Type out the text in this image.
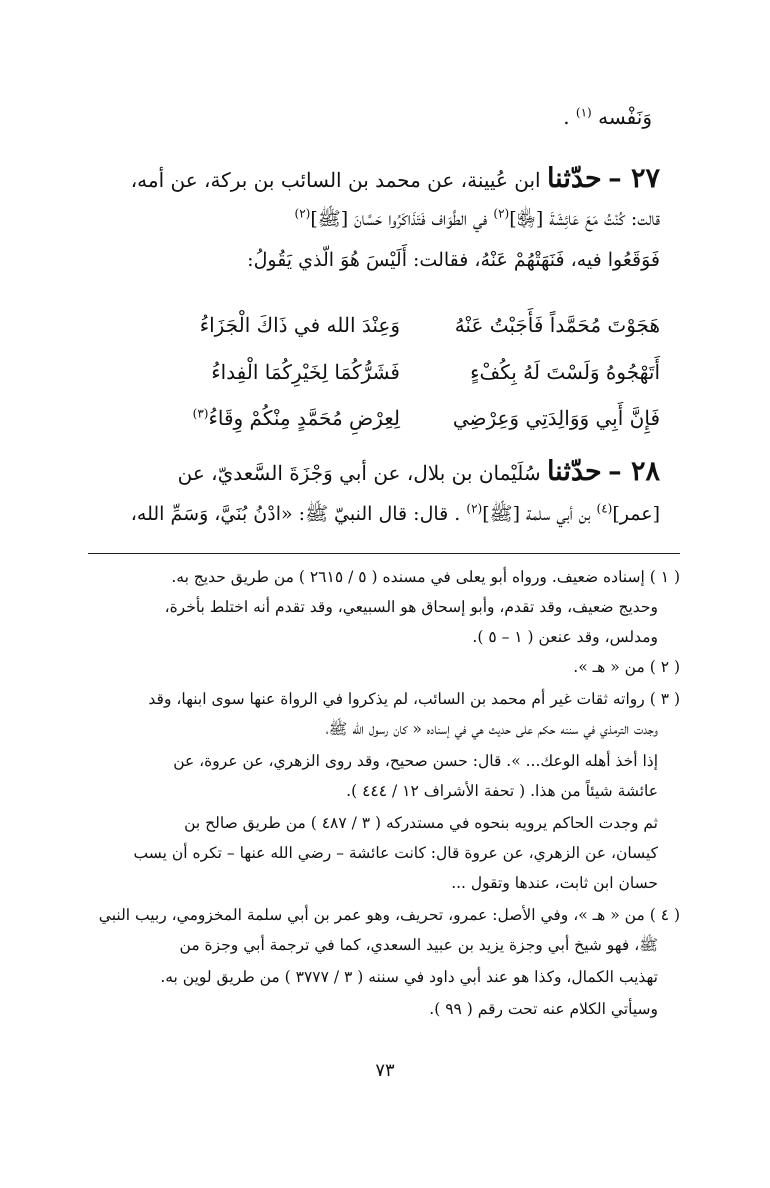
وَنَفْسه $^{(١)}$ .
٢٧ – حدّثنا ابن عُيينة، عن محمد بن السائب بن بركة، عن أمه،
قالت: كُنْتُ مَعَ عَائِشَةَ [﵂]$^{(٢)}$ في الطَّوَاف فَتَذَاكَرُوا حَسَّانَ [ﷺ]$^{(٢)}$
فَوَقَعُوا فيه، فَنَهَتْهُمْ عَنْهُ، فقالت: أَلَيْسَ هُوَ الّذي يَقُولُ:
هَجَوْتَ مُحَمَّداً فَأَجَبْتُ عَنْهُ
وَعِنْدَ الله في ذَاكَ الْجَزَاءُ
أَتَهْجُوهُ وَلَسْتَ لَهُ بِكُفْءٍ
فَشَرُّكُمَا لِخَيْرِكُمَا الْفِداءُ
فَإِنَّ أَبِي وَوَالِدَتِي وَعِرْضِي
لِعِرْضِ مُحَمَّدٍ مِنْكُمْ وِقَاءُ$^{(٣)}$
٢٨ – حدّثنا سُلَيْمان بن بلال، عن أبي وَجْزَةَ السَّعديّ، عن
[عمر]$^{(٤)}$ بن أبي سلمة [ﷺ]$^{(٢)}$ . قال: قال النبيّ ﷺ: «ادْنُ بُنَيَّ، وَسَمِّ الله،
( ١ ) إسناده ضعيف. ورواه أبو يعلى في مسنده ( ٥ / ٢٦١٥ ) من طريق حديج به.
وحديج ضعيف، وقد تقدم، وأبو إسحاق هو السبيعي، وقد تقدم أنه اختلط بأخرة،
ومدلس، وقد عنعن ( ١ – ٥ ).
( ٢ ) من « هـ ».
( ٣ ) رواته ثقات غير أم محمد بن السائب، لم يذكروا في الرواة عنها سوى ابنها، وقد
وجدت الترمذي في سننه حكم على حديث هي في إسناده « كان رسول الله ﷺ،
إذا أخذ أهله الوعك... ». قال: حسن صحيح، وقد روى الزهري، عن عروة، عن
عائشة شيئاً من هذا. ( تحفة الأشراف ١٢ / ٤٤٤ ).
ثم وجدت الحاكم يرويه بنحوه في مستدركه ( ٣ / ٤٨٧ ) من طريق صالح بن
كيسان، عن الزهري، عن عروة قال: كانت عائشة – رضي الله عنها – تكره أن يسب
حسان ابن ثابت، عندها وتقول ...
( ٤ ) من « هـ »، وفي الأصل: عمرو، تحريف، وهو عمر بن أبي سلمة المخزومي، ربيب النبي
ﷺ، فهو شيخ أبي وجزة يزيد بن عبيد السعدي، كما في ترجمة أبي وجزة من
تهذيب الكمال، وكذا هو عند أبي داود في سننه ( ٣ / ٣٧٧٧ ) من طريق لوين به.
وسيأتي الكلام عنه تحت رقم ( ٩٩ ).
٧٣
